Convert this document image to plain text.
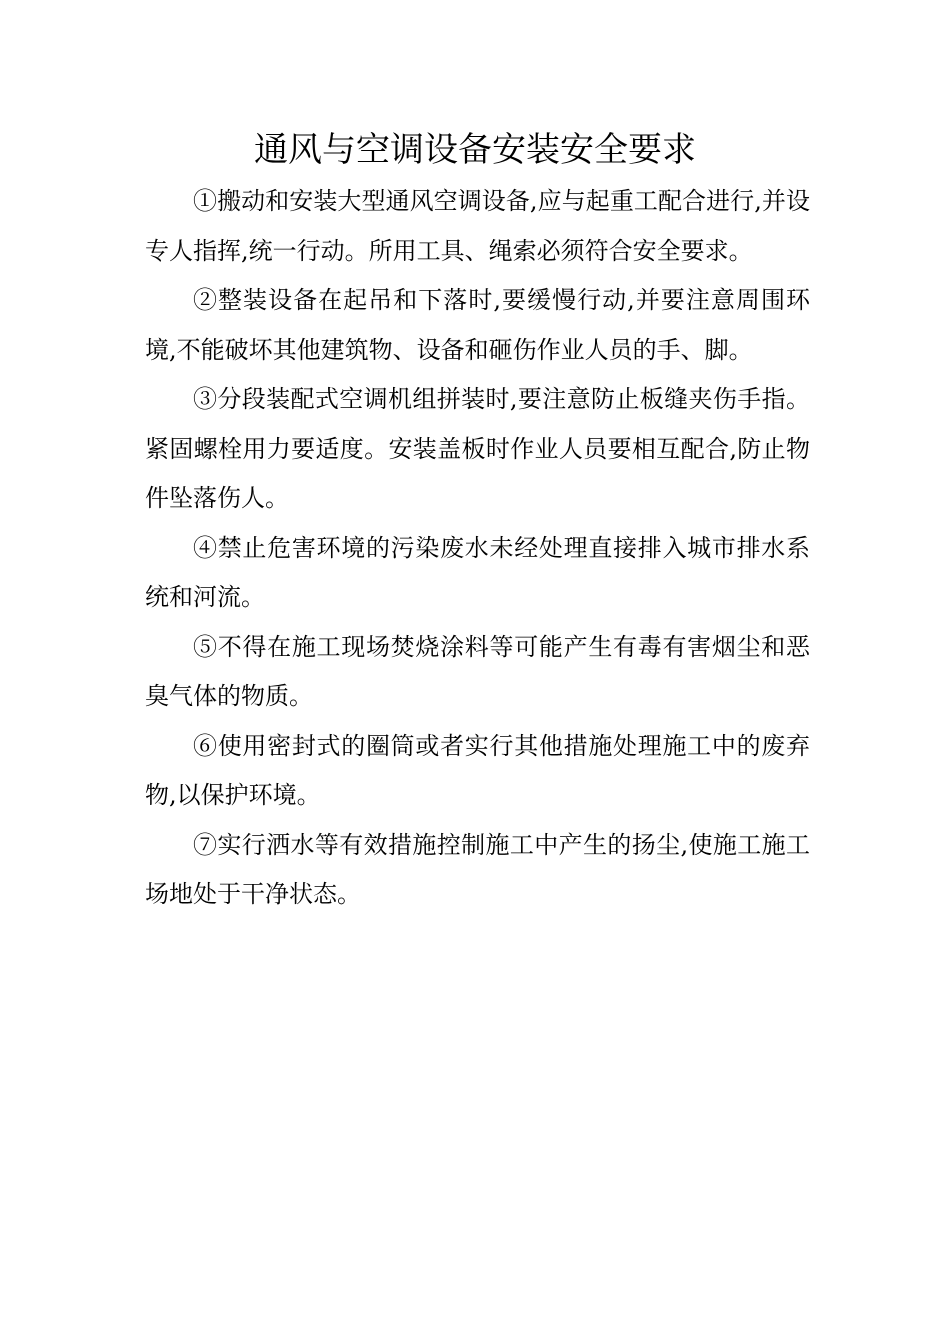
通风与空调设备安装安全要求

①搬动和安装大型通风空调设备,应与起重工配合进行,并设专人指挥,统一行动。所用工具、绳索必须符合安全要求。

②整装设备在起吊和下落时,要缓慢行动,并要注意周围环境,不能破坏其他建筑物、设备和砸伤作业人员的手、脚。

③分段装配式空调机组拼装时,要注意防止板缝夹伤手指。紧固螺栓用力要适度。安装盖板时作业人员要相互配合,防止物件坠落伤人。

④禁止危害环境的污染废水未经处理直接排入城市排水系统和河流。

⑤不得在施工现场焚烧涂料等可能产生有毒有害烟尘和恶臭气体的物质。

⑥使用密封式的圈筒或者实行其他措施处理施工中的废弃物,以保护环境。

⑦实行洒水等有效措施控制施工中产生的扬尘,使施工施工场地处于干净状态。
